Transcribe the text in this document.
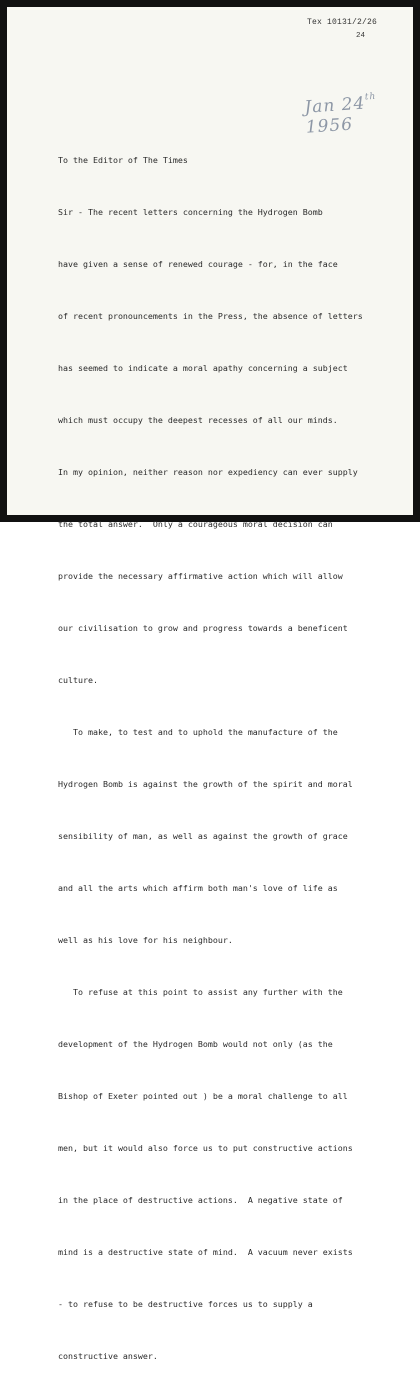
Tex 10131/2/26
24
Jan 24th 1956

To the Editor of The Times

Sir - The recent letters concerning the Hydrogen Bomb

have given a sense of renewed courage - for, in the face

of recent pronouncements in the Press, the absence of letters

has seemed to indicate a moral apathy concerning a subject

which must occupy the deepest recesses of all our minds.

In my opinion, neither reason nor expediency can ever supply

the total answer.  Only a courageous moral decision can

provide the necessary affirmative action which will allow

our civilisation to grow and progress towards a beneficent

culture.

To make, to test and to uphold the manufacture of the

Hydrogen Bomb is against the growth of the spirit and moral

sensibility of man, as well as against the growth of grace

and all the arts which affirm both man's love of life as

well as his love for his neighbour.

To refuse at this point to assist any further with the

development of the Hydrogen Bomb would not only (as the

Bishop of Exeter pointed out ) be a moral challenge to all

men, but it would also force us to put constructive actions

in the place of destructive actions.  A negative state of

mind is a destructive state of mind.  A vacuum never exists

- to refuse to be destructive forces us to supply a

constructive answer.
